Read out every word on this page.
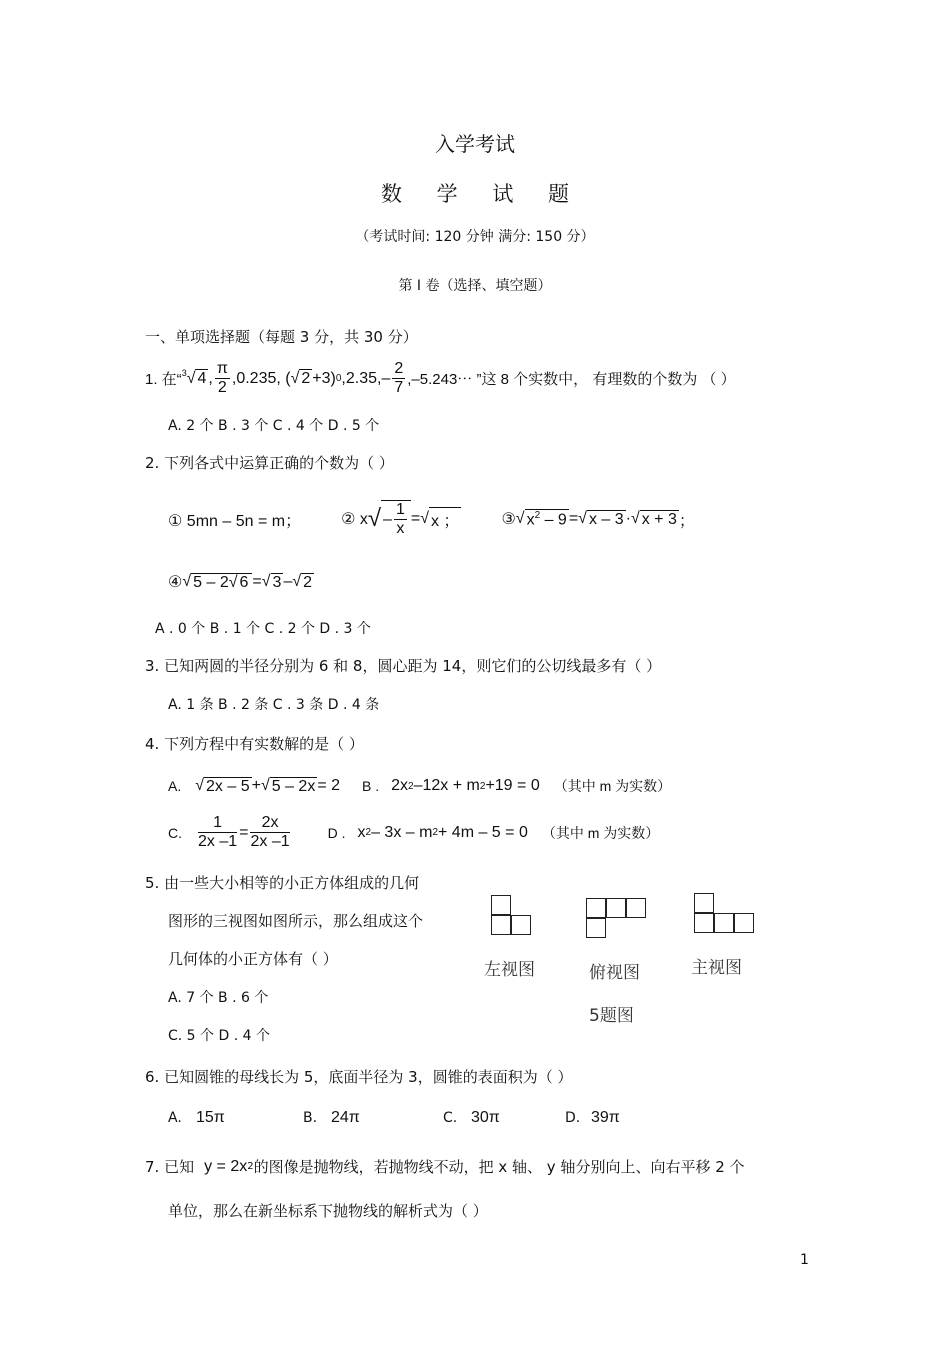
入学考试
数 学 试 题
（考试时间: 120 分钟 满分: 150 分）
第 I 卷（选择、填空题）
一、单项选择题（每题 3 分，共 30 分）
1. 在“ 3 √ 4 , $\frac{\pi}{2} ,0.235$, ( √ 2 +3) 0 $,2.35,- \frac{2}{7}$ ,–5.243⋯ ”这 8 个实数中， 有理数的个数为 （ ）
A. 2 个 B . 3 个 C . 4 个 D . 5 个
2. 下列各式中运算正确的个数为（ ）
① 5mn – 5n = m；	② x √ – $\frac{1}{x}$ = √ x ；	③ √ $x^2 - 9$ = √ x – 3 · √ x + 3 ；
④ √ 5 – 2√ 6 = √ 3 – √ 2
A . 0 个 B . 1 个 C . 2 个 D . 3 个
3. 已知两圆的半径分别为 6 和 8，圆心距为 14，则它们的公切线最多有（ ）
A. 1 条 B . 2 条 C . 3 条 D . 4 条
4. 下列方程中有实数解的是（ ）
A. √ 2x – 5 + √ 5 – 2x = 2 B . 2x 2 –12x + m 2 +19 = 0 （其中 m 为实数）
C. $\frac{1}{2x -1} = \frac{2x}{2x -1}$	D . x 2 – 3x – m 2 + 4m – 5 = 0 （其中 m 为实数）
5. 由一些大小相等的小正方体组成的几何
图形的三视图如图所示，那么组成这个
几何体的小正方体有（ ）
A. 7 个 B . 6 个
C. 5 个 D . 4 个
左视图	俯视图	主视图
5题图
6. 已知圆锥的母线长为 5，底面半径为 3，圆锥的表面积为（ ）
A. 15π	B. 24π	C. 30π	D. 39π
7. 已知 y = 2x 2 的图像是抛物线，若抛物线不动，把 x 轴、 y 轴分别向上、向右平移 2 个
单位，那么在新坐标系下抛物线的解析式为（ ）
1
